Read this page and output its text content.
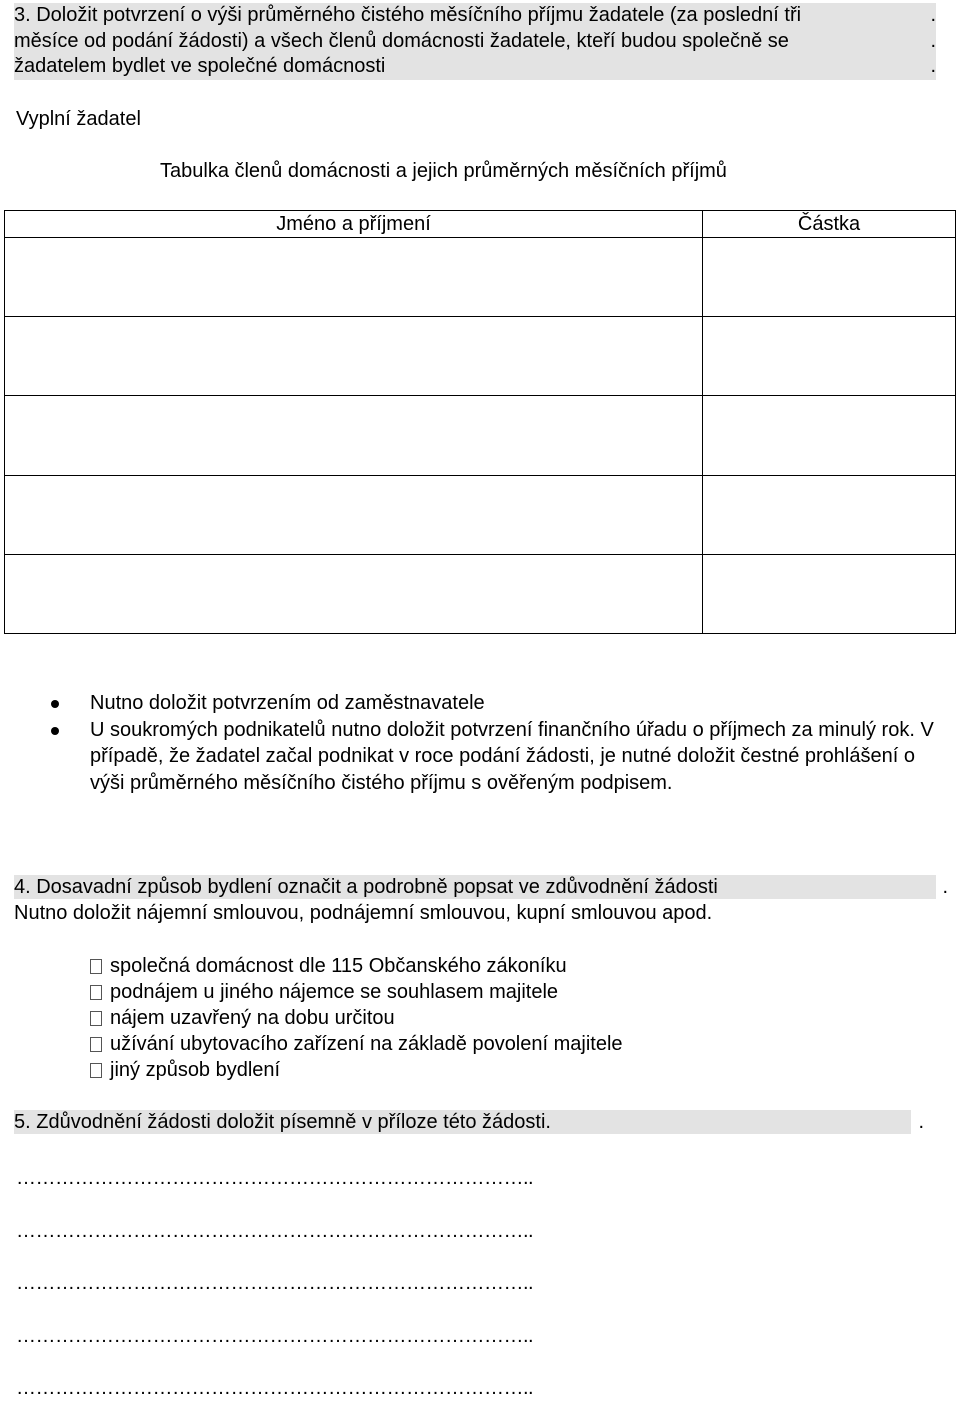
3. Doložit potvrzení o výši průměrného čistého měsíčního příjmu žadatele (za poslední tři	.
měsíce od podání žádosti) a všech členů domácnosti žadatele, kteří budou společně se	.
žadatelem bydlet ve společné domácnosti	.
Vyplní žadatel
Tabulka členů domácnosti a jejich průměrných měsíčních příjmů
Jméno a příjmení	Částka

Nutno doložit potvrzením od zaměstnavatele
U soukromých podnikatelů nutno doložit potvrzení finančního úřadu o příjmech za minulý rok. V případě, že žadatel začal podnikat v roce podání žádosti, je nutné doložit čestné prohlášení o výši průměrného měsíčního čistého příjmu s ověřeným podpisem.
4. Dosavadní způsob bydlení označit a podrobně popsat ve zdůvodnění žádosti	.
Nutno doložit nájemní smlouvou, podnájemní smlouvou, kupní smlouvou apod.
společná domácnost dle 115 Občanského zákoníku
podnájem u jiného nájemce se souhlasem majitele
nájem uzavřený na dobu určitou
užívání ubytovacího zařízení na základě povolení majitele
jiný způsob bydlení
5. Zdůvodnění žádosti doložit písemně v příloze této žádosti.	.
……………………………………………………………………..
……………………………………………………………………..
……………………………………………………………………..
……………………………………………………………………..
……………………………………………………………………..
